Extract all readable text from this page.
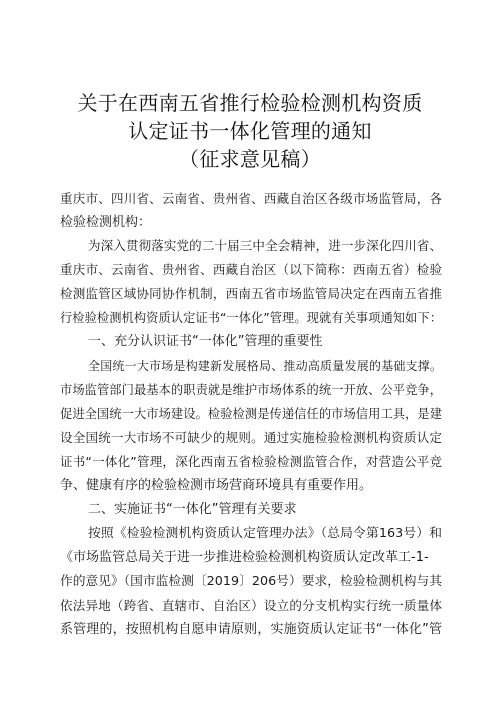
关于在西南五省推行检验检测机构资质
认定证书一体化管理的通知
（征求意见稿）
重庆市、四川省、云南省、贵州省、西藏自治区各级市场监管局，各
检验检测机构：
为深入贯彻落实党的二十届三中全会精神，进一步深化四川省、
重庆市、云南省、贵州省、西藏自治区（以下简称：西南五省）检验
检测监管区域协同协作机制，西南五省市场监管局决定在西南五省推
行检验检测机构资质认定证书“一体化”管理。现就有关事项通知如下：
一、充分认识证书“一体化”管理的重要性
全国统一大市场是构建新发展格局、推动高质量发展的基础支撑。
市场监管部门最基本的职责就是维护市场体系的统一开放、公平竞争，
促进全国统一大市场建设。检验检测是传递信任的市场信用工具，是建
设全国统一大市场不可缺少的规则。通过实施检验检测机构资质认定
证书“一体化”管理，深化西南五省检验检测监管合作，对营造公平竞
争、健康有序的检验检测市场营商环境具有重要作用。
二、实施证书“一体化”管理有关要求
按照《检验检测机构资质认定管理办法》（总局令第163号）和
《市场监管总局关于进一步推进检验检测机构资质认定改革工-1-
作的意见》（国市监检测〔2019〕206号）要求，检验检测机构与其
依法异地（跨省、直辖市、自治区）设立的分支机构实行统一质量体
系管理的，按照机构自愿申请原则，实施资质认定证书“一体化”管
